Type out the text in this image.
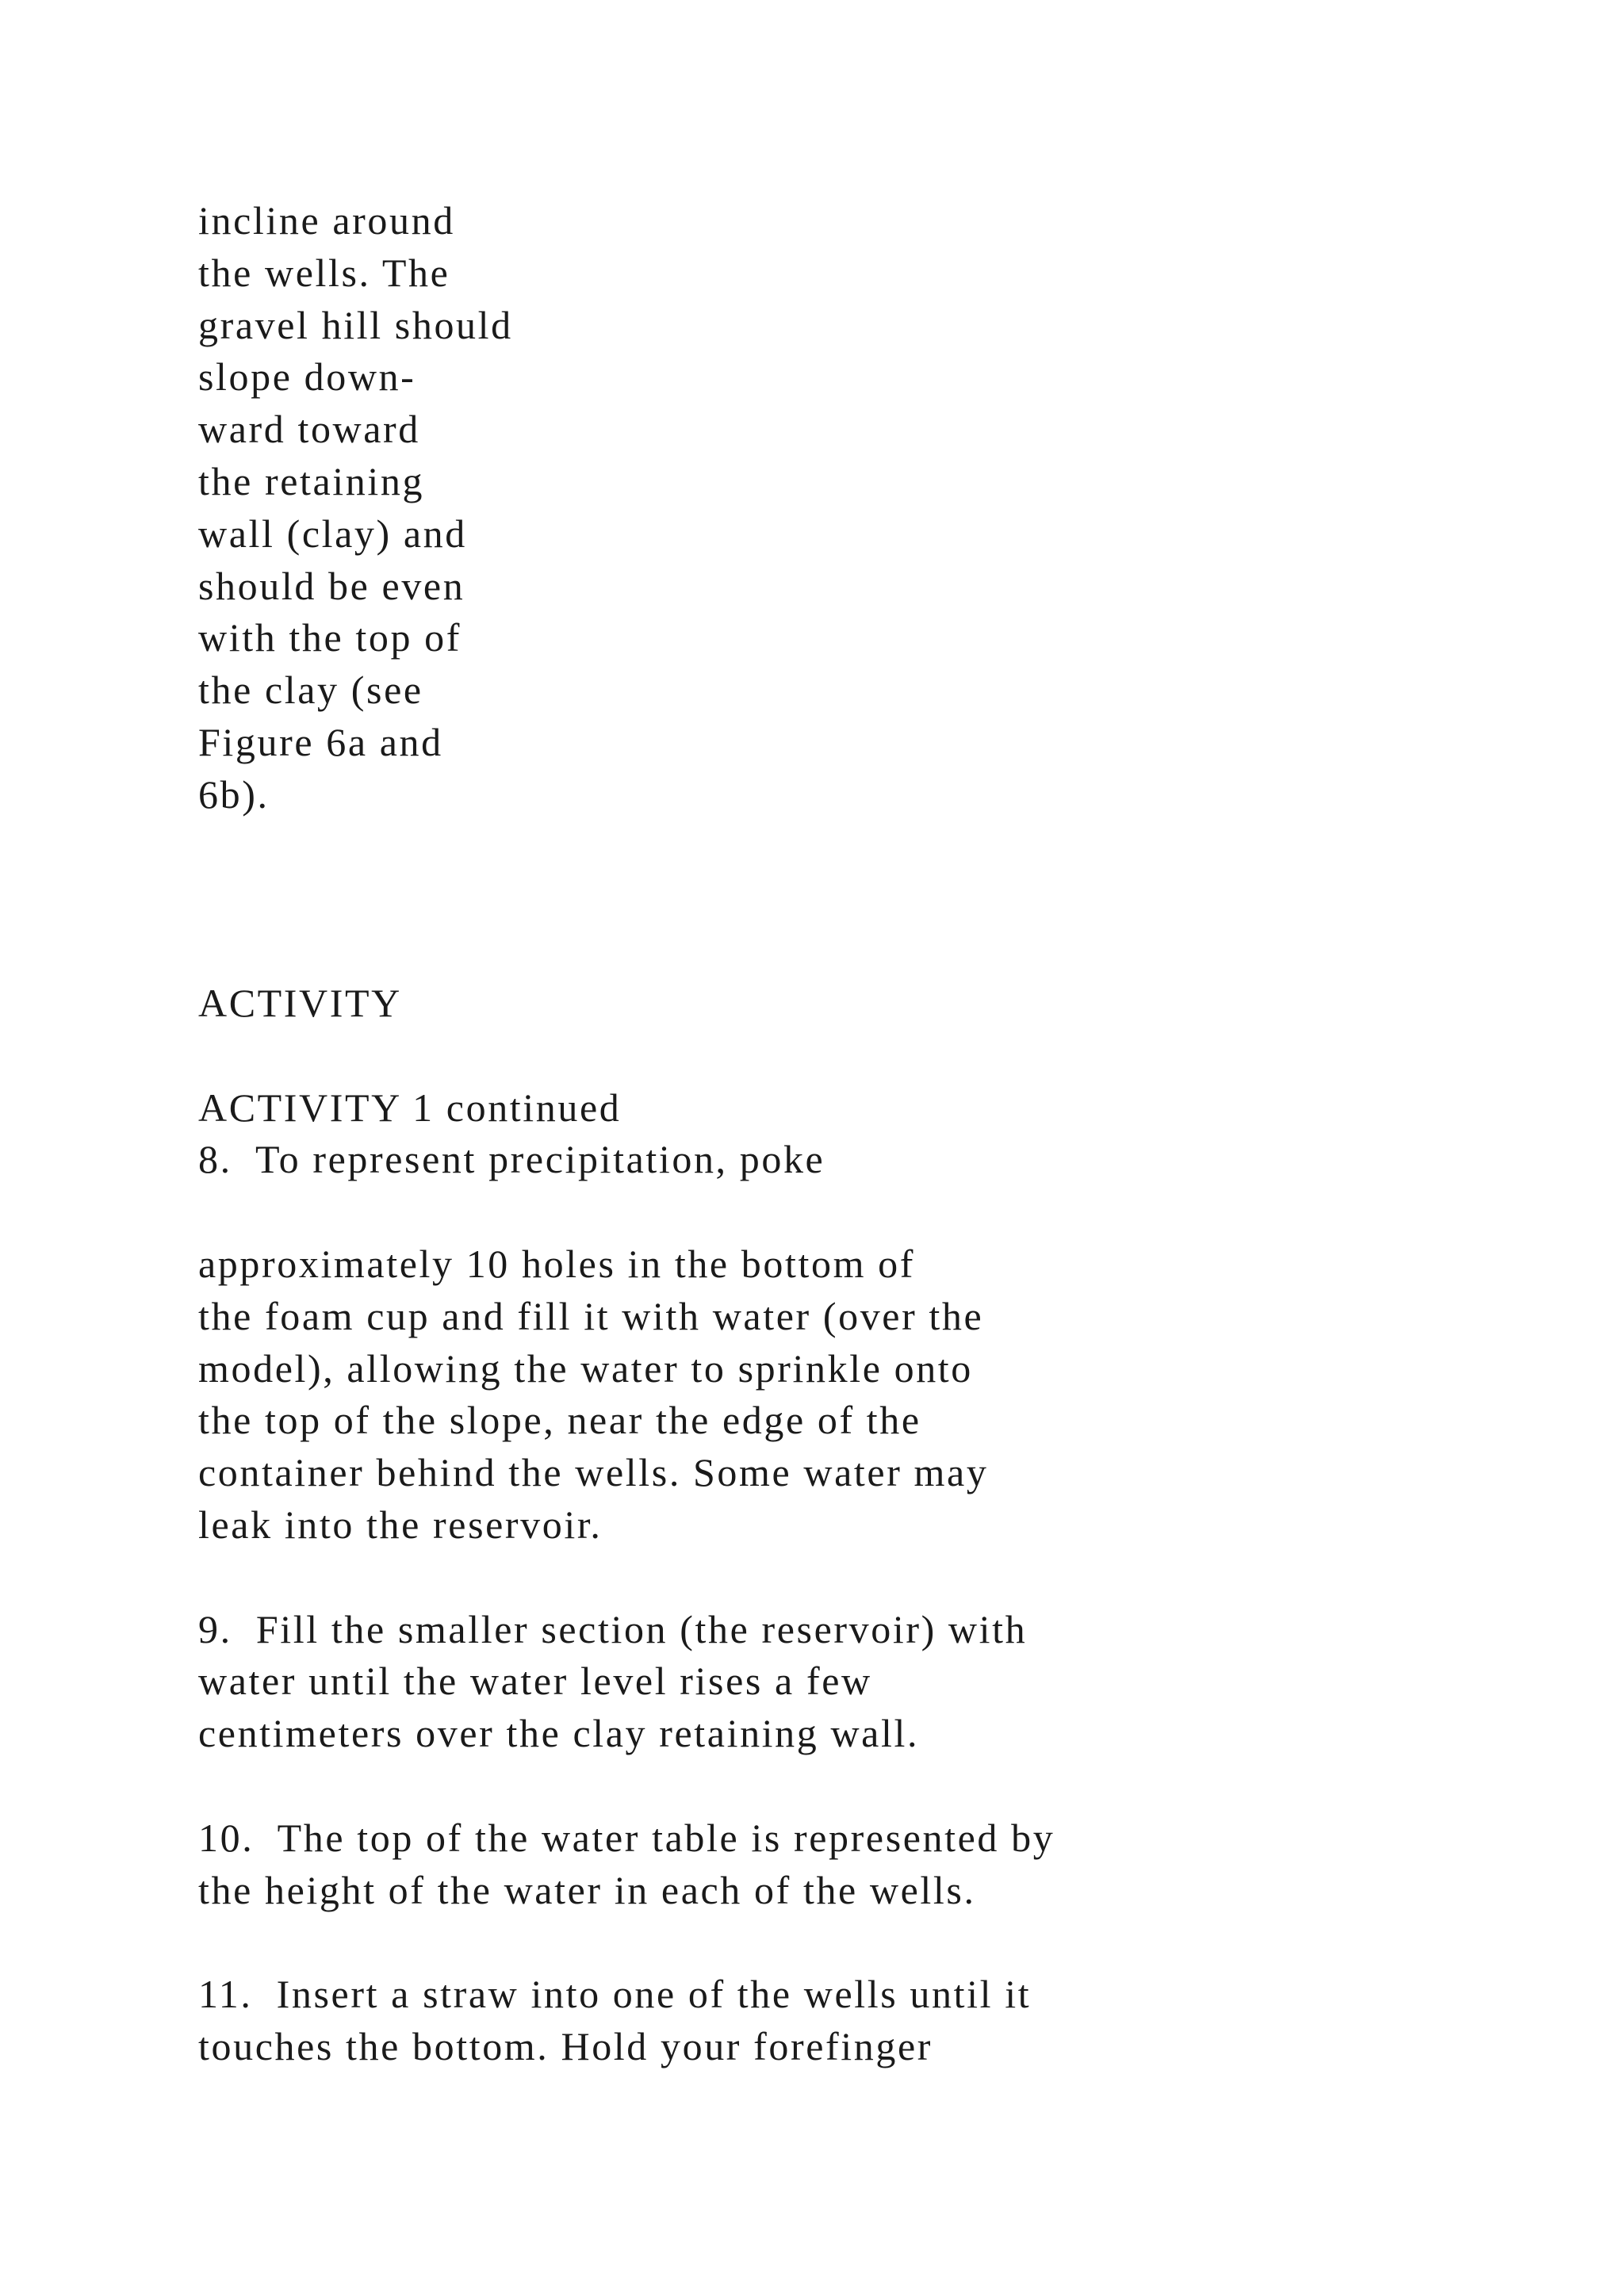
incline around
the wells. The
gravel hill should
slope down-
ward toward
the retaining
wall (clay) and
should be even
with the top of
the clay (see
Figure 6a and
6b).
ACTIVITY
ACTIVITY 1 continued
8.  To represent precipitation, poke
approximately 10 holes in the bottom of
the foam cup and fill it with water (over the
model), allowing the water to sprinkle onto
the top of the slope, near the edge of the
container behind the wells. Some water may
leak into the reservoir.
9.  Fill the smaller section (the reservoir) with
water until the water level rises a few
centimeters over the clay retaining wall.
10.  The top of the water table is represented by
the height of the water in each of the wells.
11.  Insert a straw into one of the wells until it
touches the bottom. Hold your forefinger
